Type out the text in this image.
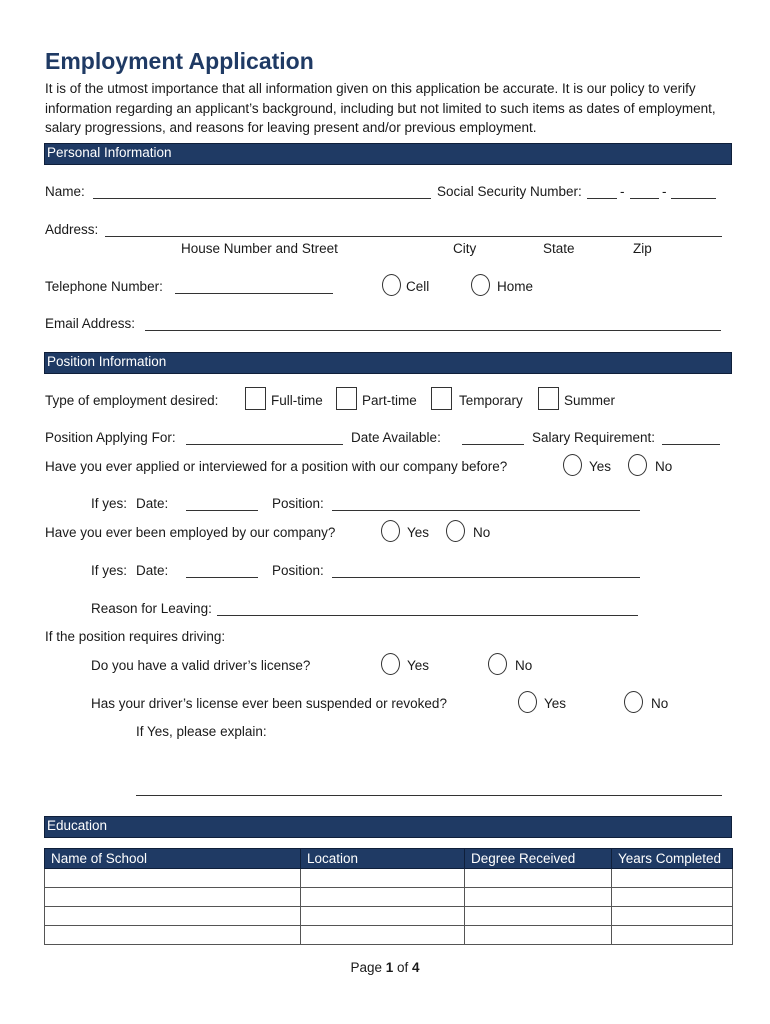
Employment Application
It is of the utmost importance that all information given on this application be accurate. It is our policy to verify information regarding an applicant’s background, including but not limited to such items as dates of employment, salary progressions, and reasons for leaving present and/or previous employment.
Personal Information
Name:	Social Security Number:	-	-
Address:
House Number and Street	City	State	Zip
Telephone Number:	Cell	Home
Email Address:
Position Information
Type of employment desired:	Full-time	Part-time	Temporary	Summer
Position Applying For:	Date Available:	Salary Requirement:
Have you ever applied or interviewed for a position with our company before?	Yes	No
If yes: Date:	Position:
Have you ever been employed by our company?	Yes	No
If yes: Date:	Position:
Reason for Leaving:
If the position requires driving:
Do you have a valid driver’s license?	Yes	No
Has your driver’s license ever been suspended or revoked?	Yes	No
If Yes, please explain:
Education
Name of School	Location	Degree Received	Years Completed

Page 1 of 4
